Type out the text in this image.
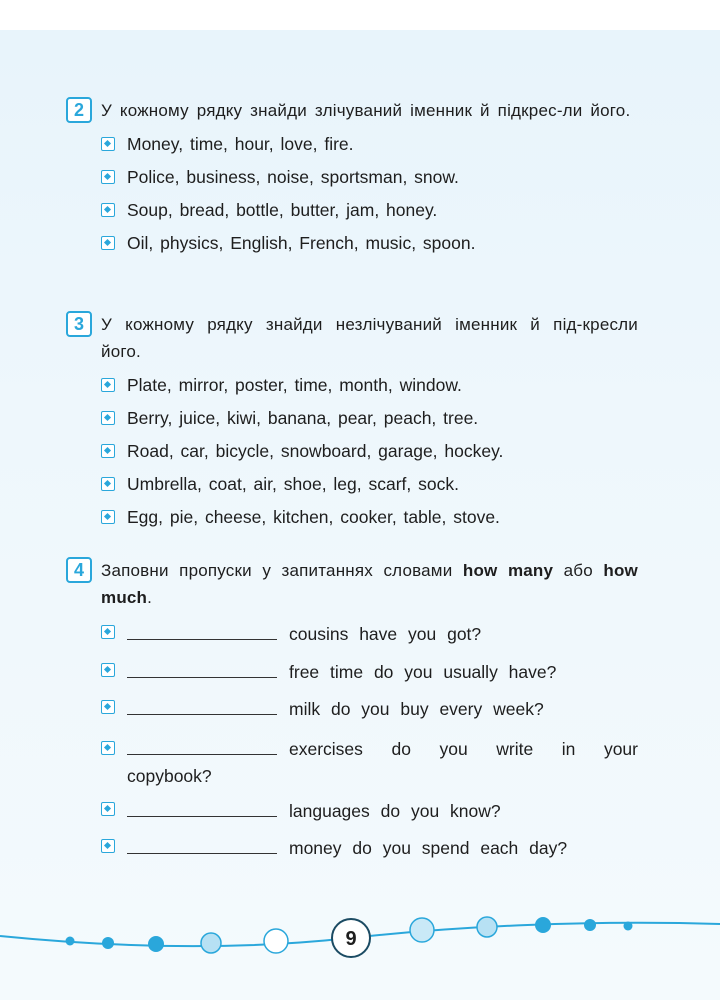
2	У кожному рядку знайди злічуваний іменник й підкрес-ли його.
Money, time, hour, love, fire.
Police, business, noise, sportsman, snow.
Soup, bread, bottle, butter, jam, honey.
Oil, physics, English, French, music, spoon.
3	У кожному рядку знайди незлічуваний іменник й під-кресли його.
Plate, mirror, poster, time, month, window.
Berry, juice, kiwi, banana, pear, peach, tree.
Road, car, bicycle, snowboard, garage, hockey.
Umbrella, coat, air, shoe, leg, scarf, sock.
Egg, pie, cheese, kitchen, cooker, table, stove.
4	Заповни пропуски у запитаннях словами how many або how much.
cousins have you got?
free time do you usually have?
milk do you buy every week?
exercises do you write in your copybook?
languages do you know?
money do you spend each day?
9
